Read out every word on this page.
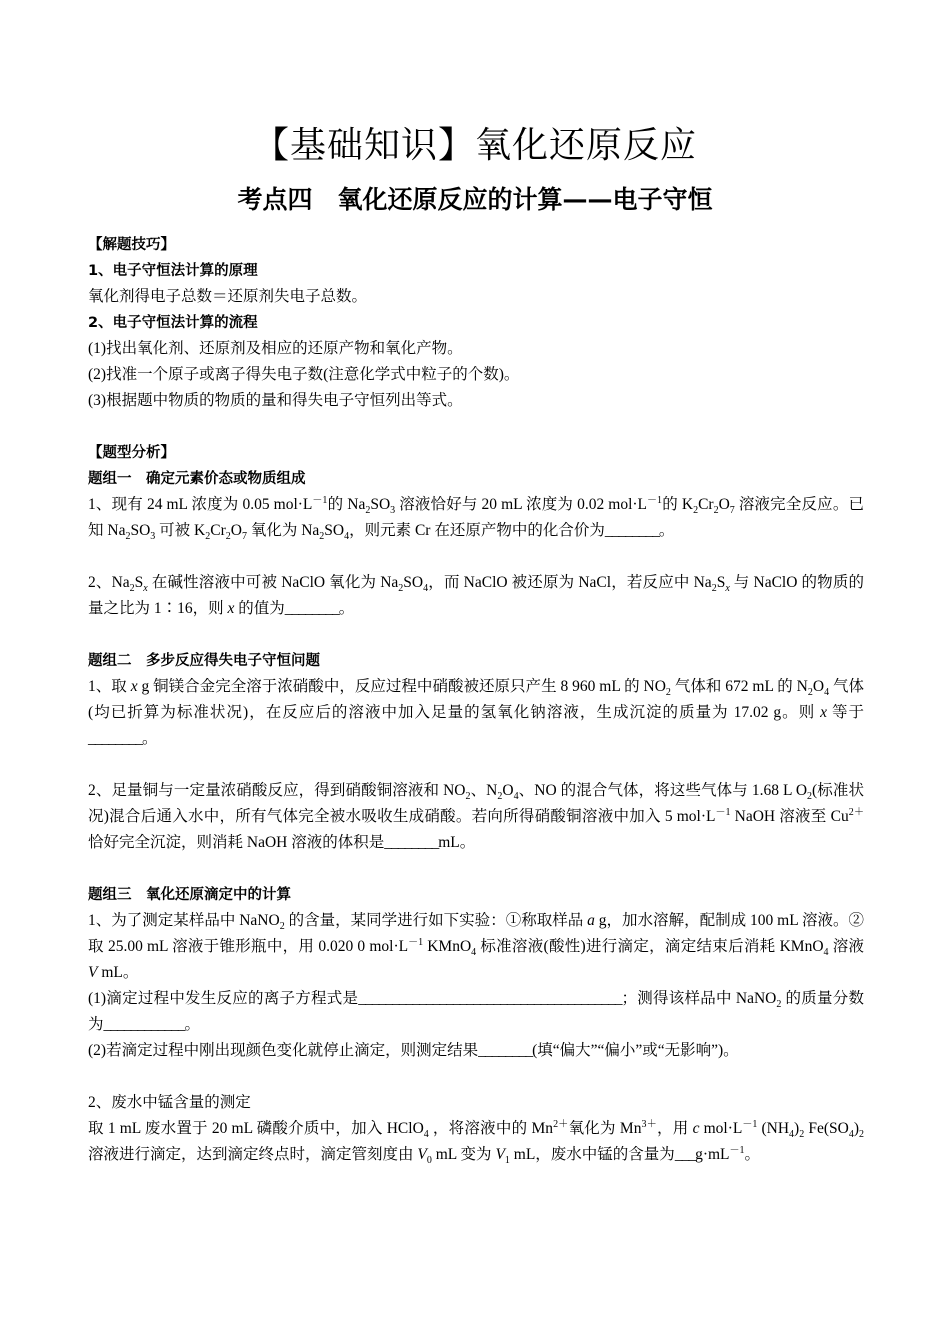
【基础知识】氧化还原反应
考点四　氧化还原反应的计算——电子守恒

【解题技巧】

1、电子守恒法计算的原理

氧化剂得电子总数＝还原剂失电子总数。

2、电子守恒法计算的流程

(1)找出氧化剂、还原剂及相应的还原产物和氧化产物。

(2)找准一个原子或离子得失电子数(注意化学式中粒子的个数)。

(3)根据题中物质的物质的量和得失电子守恒列出等式。

【题型分析】

题组一　确定元素价态或物质组成

1、现有 24 mL 浓度为 0.05 $mol\cdot L^{-1}$的 $Na_2SO_3$ 溶液恰好与 20 mL 浓度为 0.02 $mol\cdot L^{-1}$的 $K_2Cr_2O_7$ 溶液完全反应。已知 $Na_2SO_3$ 可被 $K_2Cr_2O_7$ 氧化为 $Na_2SO_4$，则元素 Cr 在还原产物中的化合价为________。

2、$Na_2S_x$ 在碱性溶液中可被 NaClO 氧化为 $Na_2SO_4$，而 NaClO 被还原为 NaCl，若反应中 $Na_2S_x$ 与 NaClO 的物质的量之比为 1∶16，则 x 的值为________。

题组二　多步反应得失电子守恒问题

1、取 x g 铜镁合金完全溶于浓硝酸中，反应过程中硝酸被还原只产生 8 960 mL 的 $NO_2$ 气体和 672 mL 的 $N_2O_4$ 气体(均已折算为标准状况)，在反应后的溶液中加入足量的氢氧化钠溶液，生成沉淀的质量为 17.02 g。则 x 等于________。

2、足量铜与一定量浓硝酸反应，得到硝酸铜溶液和 $NO_2$、$N_2O_4$、NO 的混合气体，将这些气体与 1.68 L $O_2$(标准状况)混合后通入水中，所有气体完全被水吸收生成硝酸。若向所得硝酸铜溶液中加入 5 $mol\cdot L^{-1}$ NaOH 溶液至 $Cu^{2+}$恰好完全沉淀，则消耗 NaOH 溶液的体积是________mL。

题组三　氧化还原滴定中的计算

1、为了测定某样品中 NaNO$_2$ 的含量，某同学进行如下实验：①称取样品 a g，加水溶解，配制成 100 mL 溶液。②取 25.00 mL 溶液于锥形瓶中，用 0.020 0 $mol\cdot L^{-1}$ KMnO$_4$ 标准溶液(酸性)进行滴定，滴定结束后消耗 KMnO$_4$ 溶液 V mL。

(1)滴定过程中发生反应的离子方程式是_______________________________________；测得该样品中 NaNO$_2$ 的质量分数为____________。

(2)若滴定过程中刚出现颜色变化就停止滴定，则测定结果________(填“偏大”“偏小”或“无影响”)。

2、废水中锰含量的测定

取 1 mL 废水置于 20 mL 磷酸介质中，加入 HClO$_4$ ，将溶液中的 $Mn^{2+}$氧化为 $Mn^{3+}$，用 c $mol\cdot L^{-1}$ $(NH_4)_2$ $Fe(SO_4)_2$ 溶液进行滴定，达到滴定终点时，滴定管刻度由 $V_0$ mL 变为 $V_1$ mL，废水中锰的含量为$\_\_\_g\cdot mL^{-1}$。
